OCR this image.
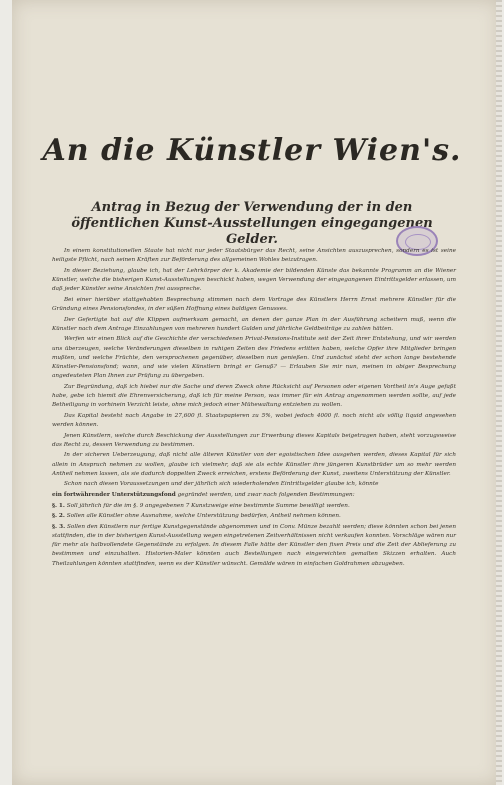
An die Künstler Wien's.
Antrag in Bezug der Verwendung der in den öffentlichen Kunst-Ausstellungen eingegangenen Gelder.

In einem konstitutionellen Staate hat nicht nur jeder Staatsbürger das Recht, seine Ansichten auszusprechen, sondern es ist seine heiligste Pflicht, nach seinen Kräften zur Beförderung des allgemeinen Wohles beizutragen.

In dieser Beziehung, glaube ich, hat der Lehrkörper der k. Akademie der bildenden Künste das bekannte Programm an die Wiener Künstler, welche die bisherigen Kunst-Ausstellungen beschickt haben, wegen Verwendung der eingegangenen Eintrittsgelder erlassen, um daß jeder Künstler seine Ansichten frei ausspreche.

Bei einer hierüber stattgehabten Besprechung stimmen nach dem Vortrage des Künstlers Herrn Ernst mehrere Künstler für die Gründung eines Pensionsfondes, in der süßen Hoffnung eines baldigen Genusses.

Der Gefertigte hat auf die Klippen aufmerksam gemacht, an denen der ganze Plan in der Ausführung scheitern muß, wenn die Künstler nach dem Antrage Einzahlungen von mehreren hundert Gulden und jährliche Geldbeiträge zu zahlen hätten.

Werfen wir einen Blick auf die Geschichte der verschiedenen Privat-Pensions-Institute seit der Zeit ihrer Entstehung, und wir werden uns überzeugen, welche Veränderungen dieselben in ruhigen Zeiten des Friedens erlitten haben, welche Opfer ihre Mitglieder bringen mußten, und welche Früchte, den versprochenen gegenüber, dieselben nun genießen. Und zunächst steht der schon lange bestehende Künstler-Pensionsfond; wann, und wie vielen Künstlern bringt er Genuß? — Erlauben Sie mir nun, meinen in obiger Besprechung angedeuteten Plan Ihnen zur Prüfung zu übergeben.

Zur Begründung, daß ich hiebei nur die Sache und deren Zweck ohne Rücksicht auf Personen oder eigenen Vortheil in's Auge gefaßt habe, gebe ich hiemit die Ehrenversicherung, daß ich für meine Person, was immer für ein Antrag angenommen werden sollte, auf jede Betheiligung in vorhinein Verzicht leiste, ohne mich jedoch einer Mühewaltung entziehen zu wollen.

Das Kapital besteht nach Angabe in 27,600 fl. Staatspapieren zu 5%, wobei jedoch 4000 fl. noch nicht als völlig liquid angesehen werden können.

Jenen Künstlern, welche durch Beschickung der Ausstellungen zur Erwerbung dieses Kapitals beigetragen haben, steht vorzugsweise das Recht zu, dessen Verwendung zu bestimmen.

In der sicheren Ueberzeugung, daß nicht alle älteren Künstler von der egoistischen Idee ausgehen werden, dieses Kapital für sich allein in Anspruch nehmen zu wollen, glaube ich vielmehr, daß sie als echte Künstler ihre jüngeren Kunstbrüder um so mehr werden Antheil nehmen lassen, als sie dadurch doppelten Zweck erreichen, erstens Beförderung der Kunst, zweitens Unterstützung der Künstler.

Schon nach diesen Voraussetzungen und der jährlich sich wiederholenden Eintrittsgelder glaube ich, könnte

ein fortwährender Unterstützungsfond gegründet werden, und zwar nach folgenden Bestimmungen:

§. 1. Soll jährlich für die im §. 9 angegebenen 7 Kunstzweige eine bestimmte Summe bewilligt werden.

§. 2. Sollen alle Künstler ohne Ausnahme, welche Unterstützung bedürfen, Antheil nehmen können.

§. 3. Sollen den Künstlern nur fertige Kunstgegenstände abgenommen und in Conv. Münze bezahlt werden; diese könnten schon bei jenen stattfinden, die in der bisherigen Kunst-Ausstellung wegen eingetretenen Zeitverhältnissen nicht verkaufen konnten. Vorschläge wären nur für mehr als halbvollendete Gegenstände zu erfolgen. In diesem Falle hätte der Künstler den fixen Preis und die Zeit der Ablieferung zu bestimmen und einzuhalten. Historien-Maler könnten auch Bestellungen nach eingereichten gemalten Skizzen erhalten. Auch Theilzahlungen könnten stattfinden, wenn es der Künstler wünscht. Gemälde wären in einfachen Goldrahmen abzugeben.
